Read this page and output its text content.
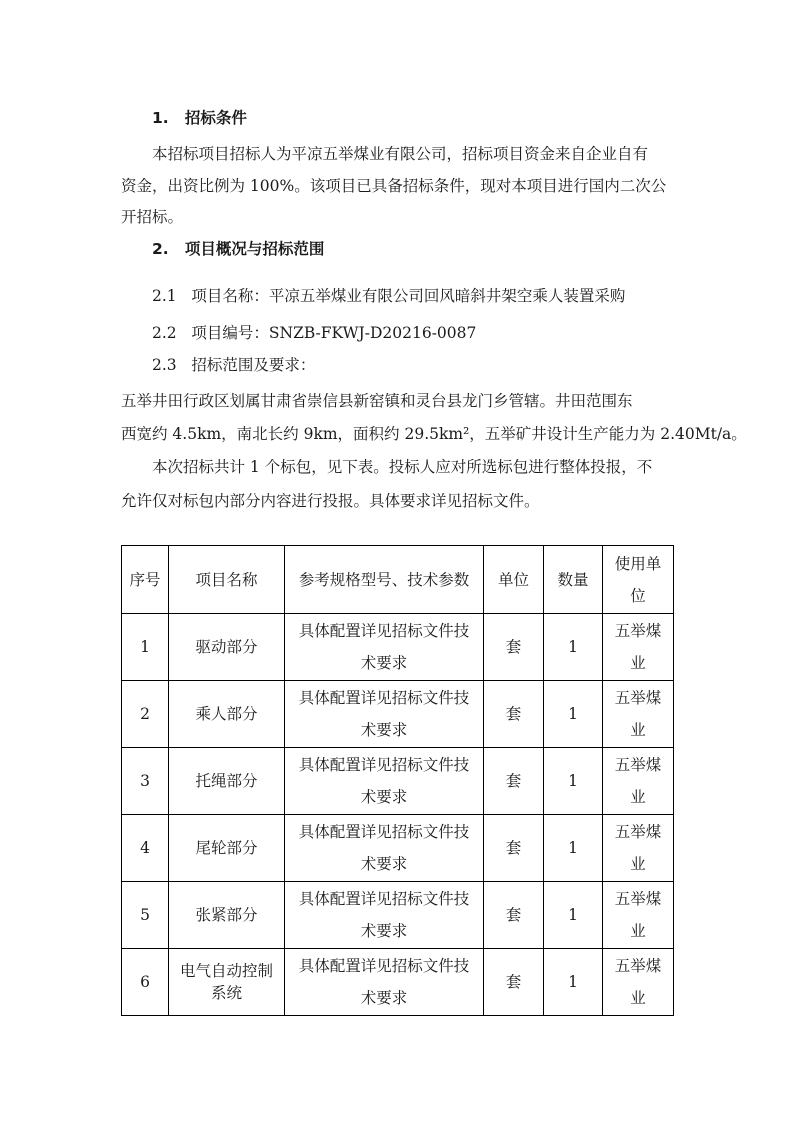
1.   招标条件
本招标项目招标人为平凉五举煤业有限公司，招标项目资金来自企业自有
资金，出资比例为 100%。该项目已具备招标条件，现对本项目进行国内二次公
开招标。
2.   项目概况与招标范围
2.1   项目名称：平凉五举煤业有限公司回风暗斜井架空乘人装置采购
2.2   项目编号：SNZB-FKWJ-D20216-0087
2.3   招标范围及要求：
五举井田行政区划属甘肃省崇信县新窑镇和灵台县龙门乡管辖。井田范围东
西宽约 4.5km，南北长约 9km，面积约 29.5km²，五举矿井设计生产能力为 2.40Mt/a。
本次招标共计 1 个标包，见下表。投标人应对所选标包进行整体投报，不
允许仅对标包内部分内容进行投报。具体要求详见招标文件。
序号	项目名称	参考规格型号、技术参数	单位	数量	使用单位
1	驱动部分	具体配置详见招标文件技术要求	套	1	五举煤业
2	乘人部分	具体配置详见招标文件技术要求	套	1	五举煤业
3	托绳部分	具体配置详见招标文件技术要求	套	1	五举煤业
4	尾轮部分	具体配置详见招标文件技术要求	套	1	五举煤业
5	张紧部分	具体配置详见招标文件技术要求	套	1	五举煤业
6	电气自动控制系统	具体配置详见招标文件技术要求	套	1	五举煤业
